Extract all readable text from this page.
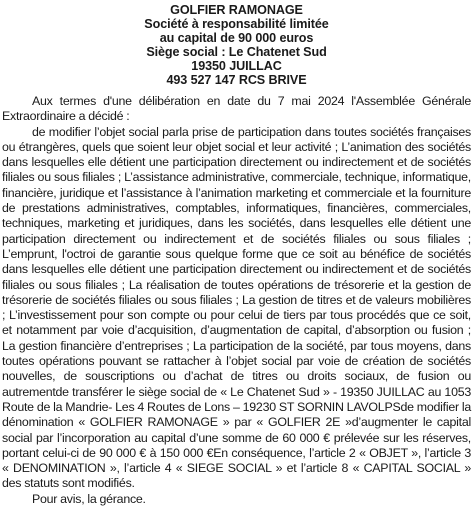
GOLFIER RAMONAGE
Société à responsabilité limitée
au capital de 90 000 euros
Siège social : Le Chatenet Sud
19350 JUILLAC
493 527 147 RCS BRIVE

Aux termes d'une délibération en date du 7 mai 2024 l'Assemblée Générale Extraordinaire a décidé :

de modifier l’objet social parla prise de participation dans toutes sociétés françaises ou étrangères, quels que soient leur objet social et leur activité ; L’animation des sociétés dans lesquelles elle détient une participation directement ou indirectement et de sociétés filiales ou sous filiales ; L’assistance administrative, commerciale, technique, informatique, financière, juridique et l’assistance à l’animation marketing et commerciale et la fourniture de prestations administratives, comptables, informatiques, financières, commerciales, techniques, marketing et juridiques, dans les sociétés, dans lesquelles elle détient une participation directement ou indirectement et de sociétés filiales ou sous filiales ; L’emprunt, l'octroi de garantie sous quelque forme que ce soit au bénéfice de sociétés dans lesquelles elle détient une participation directement ou indirectement et de sociétés filiales ou sous filiales ; La réalisation de toutes opérations de trésorerie et la gestion de trésorerie de sociétés filiales ou sous filiales ; La gestion de titres et de valeurs mobilières ; L’investissement pour son compte ou pour celui de tiers par tous procédés que ce soit, et notamment par voie d’acquisition, d’augmentation de capital, d’absorption ou fusion ; La gestion financière d’entreprises ; La participation de la société, par tous moyens, dans toutes opérations pouvant se rattacher à l’objet social par voie de création de sociétés nouvelles, de souscriptions ou d’achat de titres ou droits sociaux, de fusion ou autrementde transférer le siège social de « Le Chatenet Sud » - 19350 JUILLAC au 1053 Route de la Mandrie- Les 4 Routes de Lons – 19230 ST SORNIN LAVOLPSde modifier la dénomination « GOLFIER RAMONAGE » par « GOLFIER 2E »d’augmenter le capital social par l’incorporation au capital d’une somme de 60 000 € prélevée sur les réserves, portant celui-ci de 90 000 € à 150 000 €En conséquence, l’article 2 « OBJET », l’article 3 « DENOMINATION », l’article 4 « SIEGE SOCIAL » et l’article 8 « CAPITAL SOCIAL » des statuts sont modifiés.

Pour avis, la gérance.
